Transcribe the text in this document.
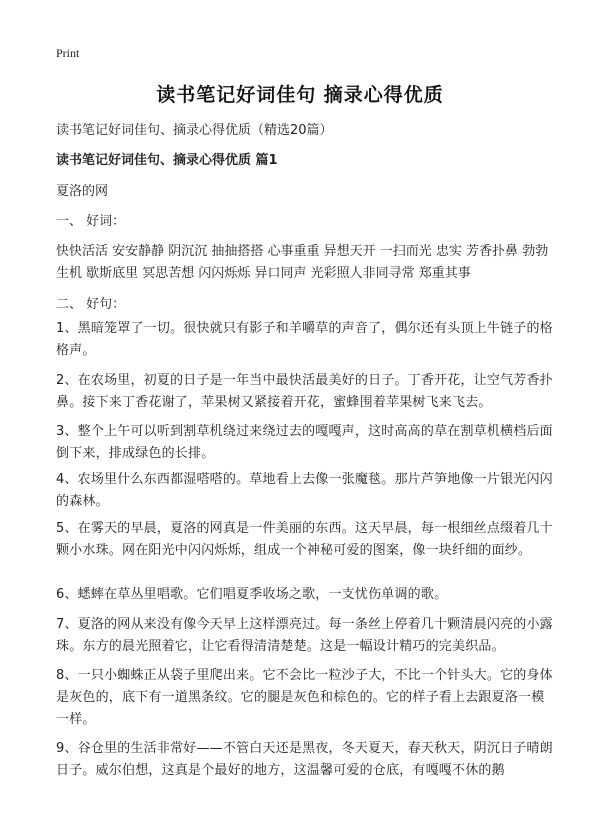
Print
读书笔记好词佳句 摘录心得优质
读书笔记好词佳句、摘录心得优质（精选20篇）
读书笔记好词佳句、摘录心得优质 篇1
夏洛的网
一、 好词：
快快活活 安安静静 阴沉沉 抽抽搭搭 心事重重 异想天开 一扫而光 忠实 芳香扑鼻 勃勃生机 歇斯底里 冥思苦想 闪闪烁烁 异口同声 光彩照人非同寻常 郑重其事
二、 好句：
1、黑暗笼罩了一切。很快就只有影子和羊嚼草的声音了，偶尔还有头顶上牛链子的格格声。
2、在农场里，初夏的日子是一年当中最快活最美好的日子。丁香开花，让空气芳香扑鼻。接下来丁香花谢了，苹果树又紧接着开花，蜜蜂围着苹果树飞来飞去。
3、整个上午可以听到割草机绕过来绕过去的嘎嘎声，这时高高的草在割草机横档后面倒下来，排成绿色的长排。
4、农场里什么东西都湿嗒嗒的。草地看上去像一张魔毯。那片芦笋地像一片银光闪闪的森林。
5、在雾天的早晨，夏洛的网真是一件美丽的东西。这天早晨，每一根细丝点缀着几十颗小水珠。网在阳光中闪闪烁烁，组成一个神秘可爱的图案，像一块纤细的面纱。
6、蟋蟀在草丛里唱歌。它们唱夏季收场之歌，一支忧伤单调的歌。
7、夏洛的网从来没有像今天早上这样漂亮过。每一条丝上停着几十颗清晨闪亮的小露珠。东方的晨光照着它，让它看得清清楚楚。这是一幅设计精巧的完美织品。
8、一只小蜘蛛正从袋子里爬出来。它不会比一粒沙子大，不比一个针头大。它的身体是灰色的，底下有一道黑条纹。它的腿是灰色和棕色的。它的样子看上去跟夏洛一模一样。
9、谷仓里的生活非常好——不管白天还是黑夜，冬天夏天，春天秋天，阴沉日子晴朗日子。威尔伯想，这真是个最好的地方，这温馨可爱的仓底，有嘎嘎不休的鹅
